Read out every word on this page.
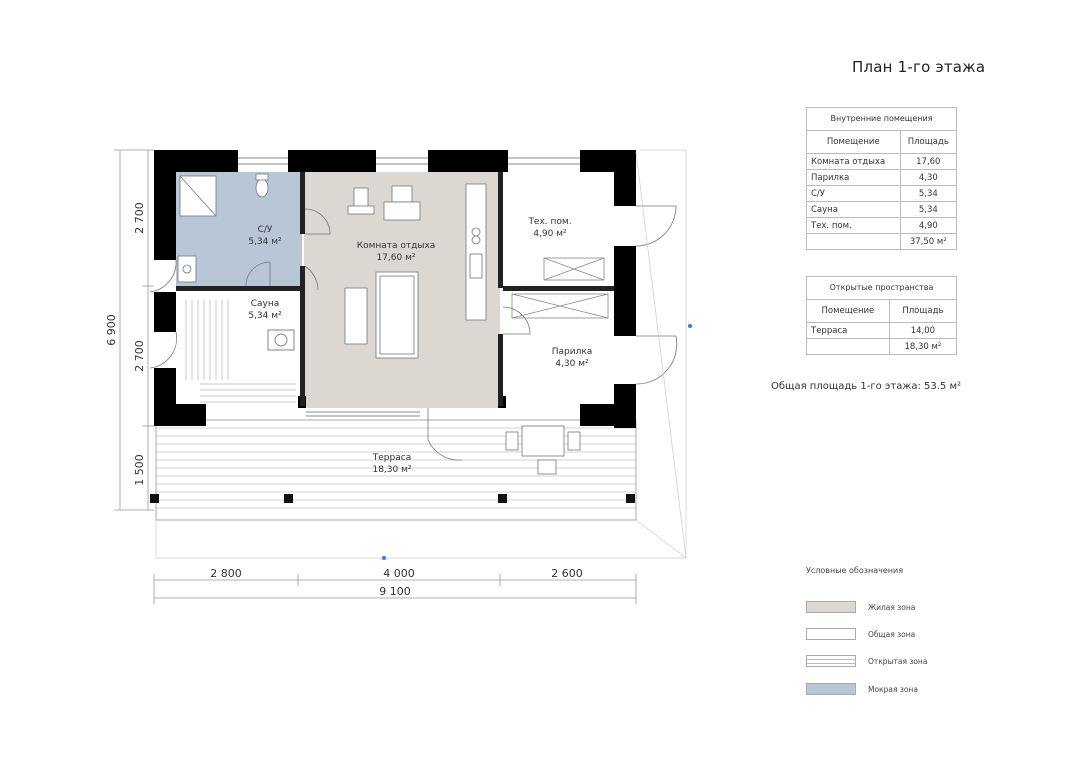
С/У
5,34 м²	Комната отдыха
17,60 м²
Тех. пом.
4,90 м²
Сауна
5,34 м²
Парилка
4,30 м²
Терраса
18,30 м²
2 800	4 000	2 600
9 100
2 700
2 700
1 500
6 900
План 1-го этажа
Внутренние помещения
Помещение	Площадь
Комната отдыха	17,60
Парилка	4,30
С/У	5,34
Сауна	5,34
Тех. пом.	4,90
	37,50 м²
Открытые пространства
Помещение	Площадь
Терраса	14,00
	18,30 м²
Общая площадь 1-го этажа: 53.5 м²
Условные обозначения
Жилая зона
Общая зона
Открытая зона
Мокрая зона
